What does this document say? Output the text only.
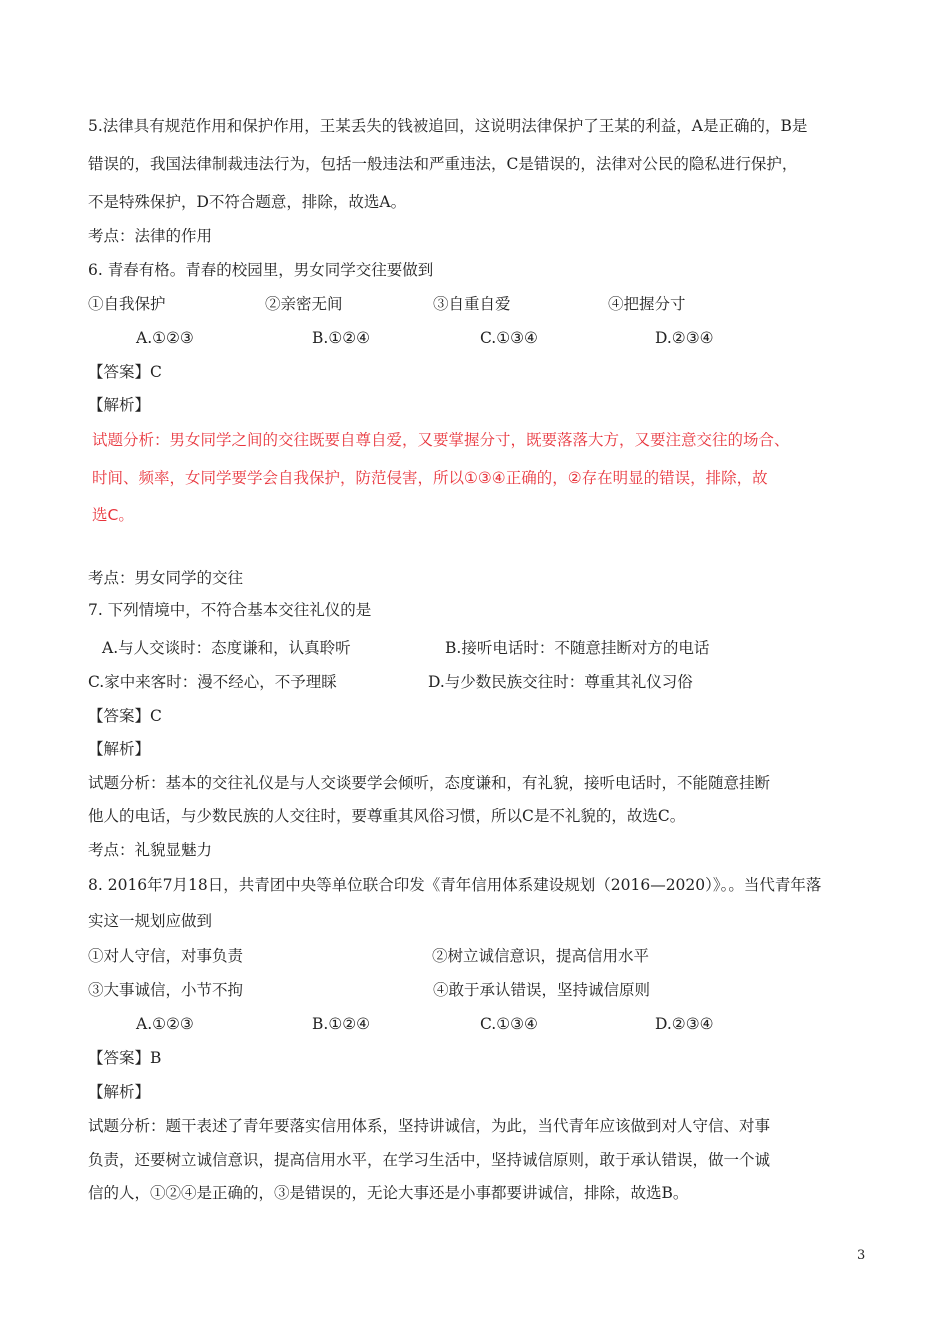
5.法律具有规范作用和保护作用，王某丢失的钱被追回，这说明法律保护了王某的利益，A是正确的，B是
错误的，我国法律制裁违法行为，包括一般违法和严重违法，C是错误的，法律对公民的隐私进行保护，
不是特殊保护，D不符合题意，排除，故选A。
考点：法律的作用
6. 青春有格。青春的校园里，男女同学交往要做到
①自我保护	②亲密无间	③自重自爱	④把握分寸
A.①②③	B.①②④	C.①③④	D.②③④
【答案】C
【解析】
试题分析：男女同学之间的交往既要自尊自爱，又要掌握分寸，既要落落大方，又要注意交往的场合、
时间、频率，女同学要学会自我保护，防范侵害，所以①③④正确的，②存在明显的错误，排除，故
选C。
考点：男女同学的交往
7. 下列情境中，不符合基本交往礼仪的是
A.与人交谈时：态度谦和，认真聆听	B.接听电话时：不随意挂断对方的电话
C.家中来客时：漫不经心，不予理睬	D.与少数民族交往时：尊重其礼仪习俗
【答案】C
【解析】
试题分析：基本的交往礼仪是与人交谈要学会倾听，态度谦和，有礼貌，接听电话时，不能随意挂断
他人的电话，与少数民族的人交往时，要尊重其风俗习惯，所以C是不礼貌的，故选C。
考点：礼貌显魅力
8. 2016年7月18日，共青团中央等单位联合印发《青年信用体系建设规划（2016—2020）》。。当代青年落
实这一规划应做到
①对人守信，对事负责	②树立诚信意识，提高信用水平
③大事诚信，小节不拘	④敢于承认错误，坚持诚信原则
A.①②③	B.①②④	C.①③④	D.②③④
【答案】B
【解析】
试题分析：题干表述了青年要落实信用体系，坚持讲诚信，为此，当代青年应该做到对人守信、对事
负责，还要树立诚信意识，提高信用水平，在学习生活中，坚持诚信原则，敢于承认错误，做一个诚
信的人，①②④是正确的，③是错误的，无论大事还是小事都要讲诚信，排除，故选B。
3
